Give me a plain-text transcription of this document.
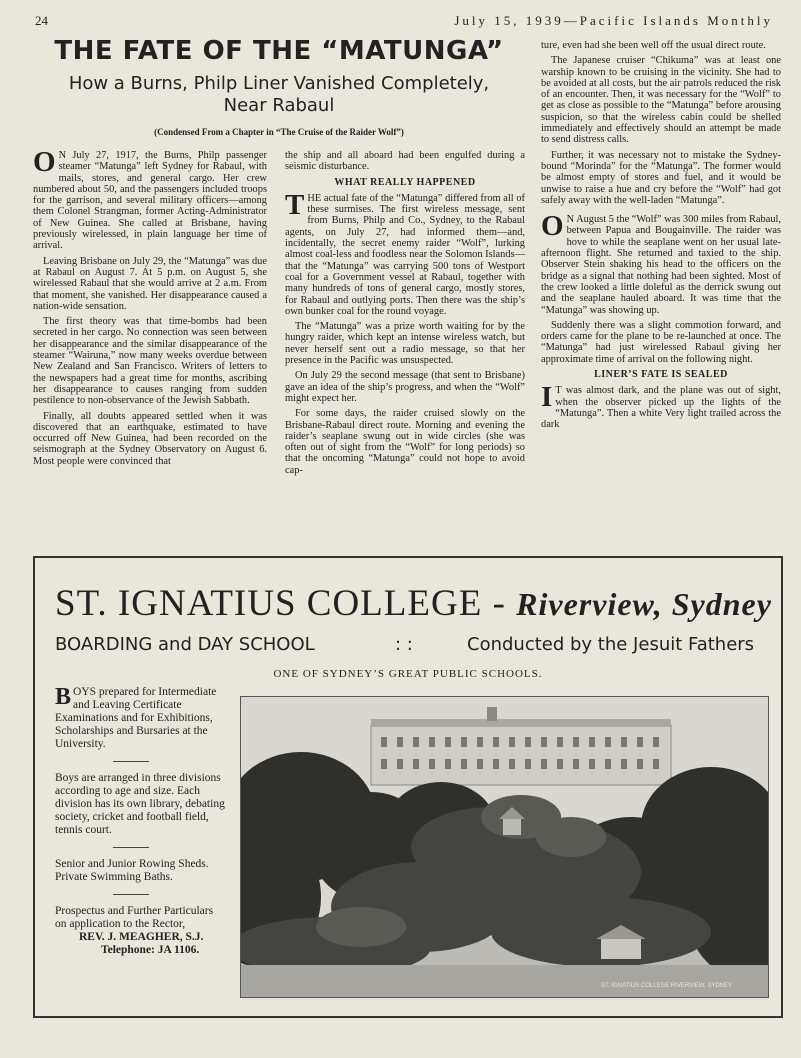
24	July 15, 1939—Pacific Islands Monthly
THE FATE OF THE “MATUNGA”
How a Burns, Philp Liner Vanished Completely,
Near Rabaul
(Condensed From a Chapter in “The Cruise of the Raider Wolf”)

ON July 27, 1917, the Burns, Philp passenger steamer “Matunga” left Sydney for Rabaul, with mails, stores, and general cargo. Her crew numbered about 50, and the passengers included troops for the garrison, and several military officers—among them Colonel Strangman, former Acting-Administrator of New Guinea. She called at Brisbane, having previously wirelessed, in plain language her time of arrival.

Leaving Brisbane on July 29, the “Matunga” was due at Rabaul on August 7. At 5 p.m. on August 5, she wirelessed Rabaul that she would arrive at 2 a.m. From that moment, she vanished. Her disappearance caused a nation-wide sensation.

The first theory was that time-bombs had been secreted in her cargo. No connection was seen between her disappearance and the similar disappearance of the steamer “Wairuna,” now many weeks overdue between New Zealand and San Francisco. Writers of letters to the newspapers had a great time for months, ascribing her disappearance to causes ranging from sudden pestilence to non-observance of the Jewish Sabbath.

Finally, all doubts appeared settled when it was discovered that an earthquake, estimated to have occurred off New Guinea, had been recorded on the seismograph at the Sydney Observatory on August 6. Most people were convinced that

the ship and all aboard had been engulfed during a seismic disturbance.

WHAT REALLY HAPPENED

THE actual fate of the “Matunga” differed from all of these surmises. The first wireless message, sent from Burns, Philp and Co., Sydney, to the Rabaul agents, on July 27, had informed them—and, incidentally, the secret enemy raider “Wolf”, lurking almost coal-less and foodless near the Solomon Islands—that the “Matunga” was carrying 500 tons of Westport coal for a Government vessel at Rabaul, together with many hundreds of tons of general cargo, mostly stores, for Rabaul and outlying ports. Then there was the ship’s own bunker coal for the round voyage.

The “Matunga” was a prize worth waiting for by the hungry raider, which kept an intense wireless watch, but never herself sent out a radio message, so that her presence in the Pacific was unsuspected.

On July 29 the second message (that sent to Brisbane) gave an idea of the ship’s progress, and when the “Wolf” might expect her.

For some days, the raider cruised slowly on the Brisbane-Rabaul direct route. Morning and evening the raider’s seaplane swung out in wide circles (she was often out of sight from the “Wolf” for long periods) so that the oncoming “Matunga” could not hope to avoid cap-

ture, even had she been well off the usual direct route.

The Japanese cruiser “Chikuma” was at least one warship known to be cruising in the vicinity. She had to be avoided at all costs, but the air patrols reduced the risk of an encounter. Then, it was necessary for the “Wolf” to get as close as possible to the “Matunga” before arousing suspicion, so that the wireless cabin could be shelled immediately and effectively should an attempt be made to send distress calls.

Further, it was necessary not to mistake the Sydney-bound “Morinda” for the “Matunga”. The former would be almost empty of stores and fuel, and it would be unwise to raise a hue and cry before the “Wolf” had got safely away with the well-laden “Matunga”.

ON August 5 the “Wolf” was 300 miles from Rabaul, between Papua and Bougainville. The raider was hove to while the seaplane went on her usual late-afternoon flight. She returned and taxied to the ship. Observer Stein shaking his head to the officers on the bridge as a signal that nothing had been sighted. Most of the crew looked a little doleful as the derrick swung out and the seaplane hauled aboard. It was time that the “Matunga” was showing up.

Suddenly there was a slight commotion forward, and orders came for the plane to be re-launched at once. The “Matunga” had just wirelessed Rabaul giving her approximate time of arrival on the following night.

LINER’S FATE IS SEALED

IT was almost dark, and the plane was out of sight, when the observer picked up the lights of the “Matunga”. Then a white Very light trailed across the dark

ST. IGNATIUS COLLEGE - Riverview, Sydney
BOARDING and DAY SCHOOL	: :	Conducted by the Jesuit Fathers
ONE OF SYDNEY’S GREAT PUBLIC SCHOOLS.

BOYS prepared for Intermediate and Leaving Certificate Examinations and for Exhibitions, Scholarships and Bursaries at the University.

Boys are arranged in three divisions according to age and size. Each division has its own library, debating society, cricket and football field, tennis court.

Senior and Junior Rowing Sheds. Private Swimming Baths.

Prospectus and Further Particulars on application to the Rector,

REV. J. MEAGHER, S.J.

Telephone: JA 1106.

ST. IGNATIUS COLLEGE RIVERVIEW, SYDNEY
